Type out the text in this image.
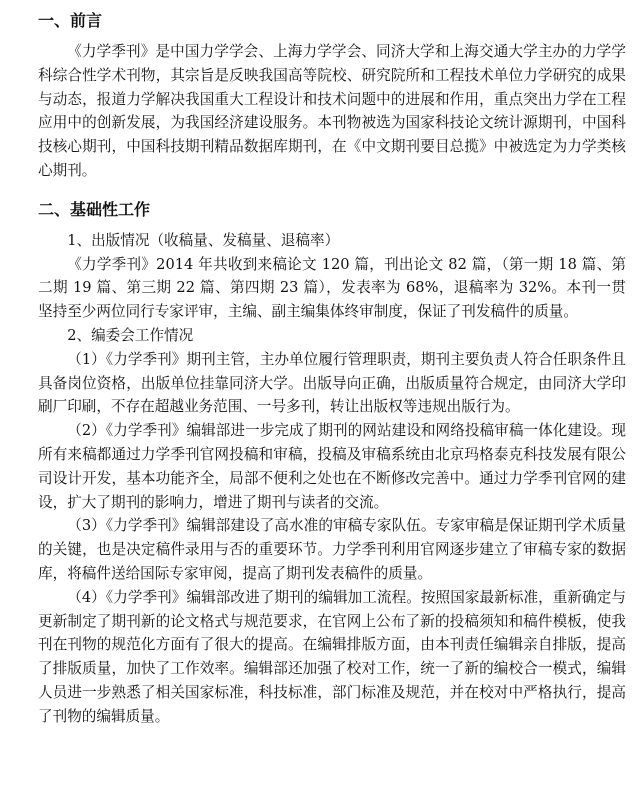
一、前言

《力学季刊》是中国力学学会、上海力学学会、同济大学和上海交通大学主办的力学学科综合性学术刊物，其宗旨是反映我国高等院校、研究院所和工程技术单位力学研究的成果与动态，报道力学解决我国重大工程设计和技术问题中的进展和作用，重点突出力学在工程应用中的创新发展，为我国经济建设服务。本刊物被选为国家科技论文统计源期刊，中国科技核心期刊，中国科技期刊精品数据库期刊，在《中文期刊要目总揽》中被选定为力学类核心期刊。

二、基础性工作

1、出版情况（收稿量、发稿量、退稿率）

《力学季刊》2014 年共收到来稿论文 120 篇，刊出论文 82 篇，（第一期 18 篇、第二期 19 篇、第三期 22 篇、第四期 23 篇），发表率为 68%，退稿率为 32%。本刊一贯坚持至少两位同行专家评审，主编、副主编集体终审制度，保证了刊发稿件的质量。

2、编委会工作情况

（1）《力学季刊》期刊主管，主办单位履行管理职责，期刊主要负责人符合任职条件且具备岗位资格，出版单位挂靠同济大学。出版导向正确，出版质量符合规定，由同济大学印刷厂印刷，不存在超越业务范围、一号多刊，转让出版权等违规出版行为。

（2）《力学季刊》编辑部进一步完成了期刊的网站建设和网络投稿审稿一体化建设。现所有来稿都通过力学季刊官网投稿和审稿，投稿及审稿系统由北京玛格泰克科技发展有限公司设计开发，基本功能齐全，局部不便利之处也在不断修改完善中。通过力学季刊官网的建设，扩大了期刊的影响力，增进了期刊与读者的交流。

（3）《力学季刊》编辑部建设了高水准的审稿专家队伍。专家审稿是保证期刊学术质量的关键，也是决定稿件录用与否的重要环节。力学季刊利用官网逐步建立了审稿专家的数据库，将稿件送给国际专家审阅，提高了期刊发表稿件的质量。

（4）《力学季刊》编辑部改进了期刊的编辑加工流程。按照国家最新标准，重新确定与更新制定了期刊新的论文格式与规范要求，在官网上公布了新的投稿须知和稿件模板，使我刊在刊物的规范化方面有了很大的提高。在编辑排版方面，由本刊责任编辑亲自排版，提高了排版质量，加快了工作效率。编辑部还加强了校对工作，统一了新的编校合一模式，编辑人员进一步熟悉了相关国家标准，科技标准，部门标准及规范，并在校对中严格执行，提高了刊物的编辑质量。
